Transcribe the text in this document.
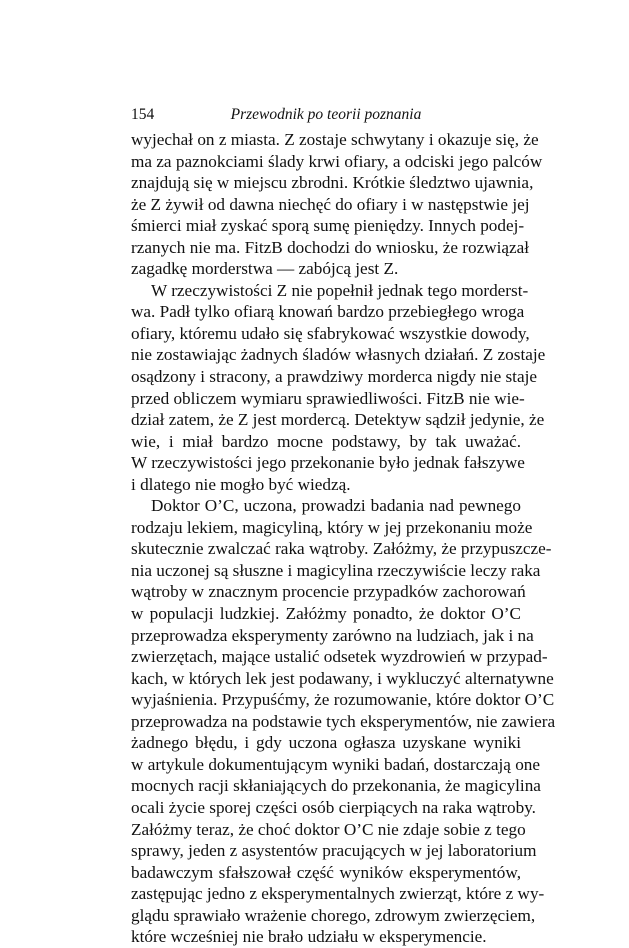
154	Przewodnik po teorii poznania
wyjechał on z miasta. Z zostaje schwytany i okazuje się, że
ma za paznokciami ślady krwi ofiary, a odciski jego palców
znajdują się w miejscu zbrodni. Krótkie śledztwo ujawnia,
że Z żywił od dawna niechęć do ofiary i w następstwie jej
śmierci miał zyskać sporą sumę pieniędzy. Innych podej-
rzanych nie ma. FitzB dochodzi do wniosku, że rozwiązał
zagadkę morderstwa — zabójcą jest Z.
W rzeczywistości Z nie popełnił jednak tego morderst-
wa. Padł tylko ofiarą knowań bardzo przebiegłego wroga
ofiary, któremu udało się sfabrykować wszystkie dowody,
nie zostawiając żadnych śladów własnych działań. Z zostaje
osądzony i stracony, a prawdziwy morderca nigdy nie staje
przed obliczem wymiaru sprawiedliwości. FitzB nie wie-
dział zatem, że Z jest mordercą. Detektyw sądził jedynie, że
wie, i miał bardzo mocne podstawy, by tak uważać.
W rzeczywistości jego przekonanie było jednak fałszywe
i dlatego nie mogło być wiedzą.
Doktor O’C, uczona, prowadzi badania nad pewnego
rodzaju lekiem, magicyliną, który w jej przekonaniu może
skutecznie zwalczać raka wątroby. Załóżmy, że przypuszcze-
nia uczonej są słuszne i magicylina rzeczywiście leczy raka
wątroby w znacznym procencie przypadków zachorowań
w populacji ludzkiej. Załóżmy ponadto, że doktor O’C
przeprowadza eksperymenty zarówno na ludziach, jak i na
zwierzętach, mające ustalić odsetek wyzdrowień w przypad-
kach, w których lek jest podawany, i wykluczyć alternatywne
wyjaśnienia. Przypuśćmy, że rozumowanie, które doktor O’C
przeprowadza na podstawie tych eksperymentów, nie zawiera
żadnego błędu, i gdy uczona ogłasza uzyskane wyniki
w artykule dokumentującym wyniki badań, dostarczają one
mocnych racji skłaniających do przekonania, że magicylina
ocali życie sporej części osób cierpiących na raka wątroby.
Załóżmy teraz, że choć doktor O’C nie zdaje sobie z tego
sprawy, jeden z asystentów pracujących w jej laboratorium
badawczym sfałszował część wyników eksperymentów,
zastępując jedno z eksperymentalnych zwierząt, które z wy-
glądu sprawiało wrażenie chorego, zdrowym zwierzęciem,
które wcześniej nie brało udziału w eksperymencie.
